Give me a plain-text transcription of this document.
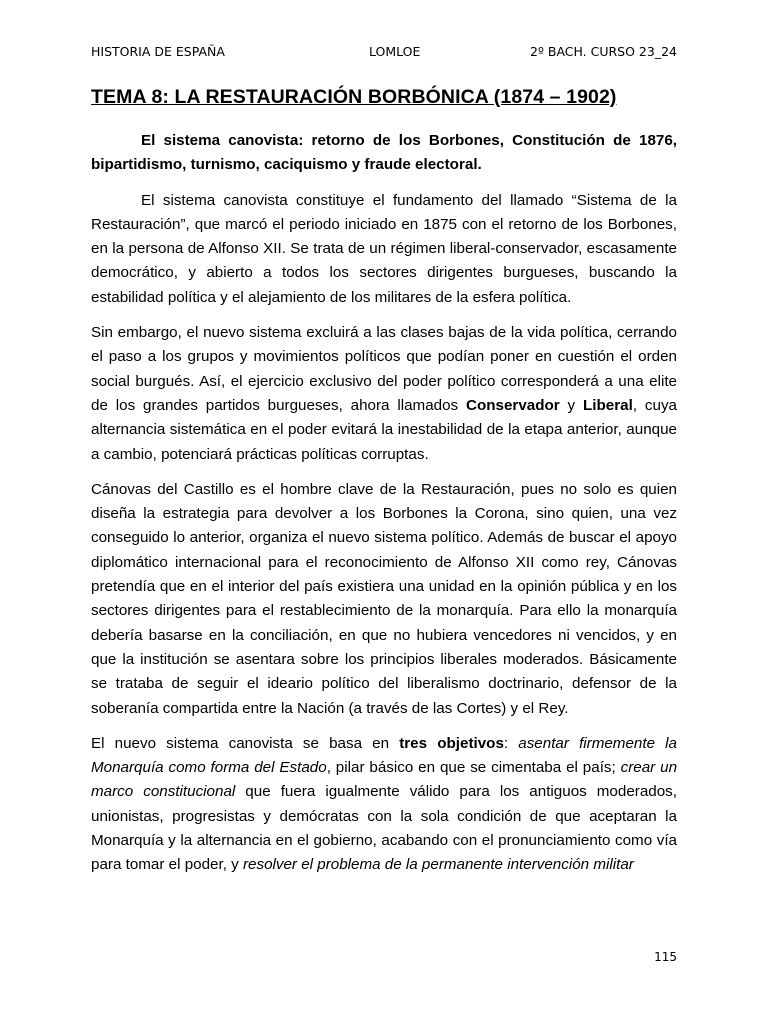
HISTORIA DE ESPAÑA	LOMLOE	2º BACH. CURSO 23_24
TEMA 8: LA RESTAURACIÓN BORBÓNICA (1874 – 1902)

El sistema canovista: retorno de los Borbones, Constitución de 1876, bipartidismo, turnismo, caciquismo y fraude electoral.

El sistema canovista constituye el fundamento del llamado “Sistema de la Restauración”, que marcó el periodo iniciado en 1875 con el retorno de los Borbones, en la persona de Alfonso XII. Se trata de un régimen liberal-conservador, escasamente democrático, y abierto a todos los sectores dirigentes burgueses, buscando la estabilidad política y el alejamiento de los militares de la esfera política.

Sin embargo, el nuevo sistema excluirá a las clases bajas de la vida política, cerrando el paso a los grupos y movimientos políticos que podían poner en cuestión el orden social burgués. Así, el ejercicio exclusivo del poder político corresponderá a una elite de los grandes partidos burgueses, ahora llamados Conservador y Liberal, cuya alternancia sistemática en el poder evitará la inestabilidad de la etapa anterior, aunque a cambio, potenciará prácticas políticas corruptas.

Cánovas del Castillo es el hombre clave de la Restauración, pues no solo es quien diseña la estrategia para devolver a los Borbones la Corona, sino quien, una vez conseguido lo anterior, organiza el nuevo sistema político. Además de buscar el apoyo diplomático internacional para el reconocimiento de Alfonso XII como rey, Cánovas pretendía que en el interior del país existiera una unidad en la opinión pública y en los sectores dirigentes para el restablecimiento de la monarquía. Para ello la monarquía debería basarse en la conciliación, en que no hubiera vencedores ni vencidos, y en que la institución se asentara sobre los principios liberales moderados. Básicamente se trataba de seguir el ideario político del liberalismo doctrinario, defensor de la soberanía compartida entre la Nación (a través de las Cortes) y el Rey.

El nuevo sistema canovista se basa en tres objetivos: asentar firmemente la Monarquía como forma del Estado, pilar básico en que se cimentaba el país; crear un marco constitucional que fuera igualmente válido para los antiguos moderados, unionistas, progresistas y demócratas con la sola condición de que aceptaran la Monarquía y la alternancia en el gobierno, acabando con el pronunciamiento como vía para tomar el poder, y resolver el problema de la permanente intervención militar

115
